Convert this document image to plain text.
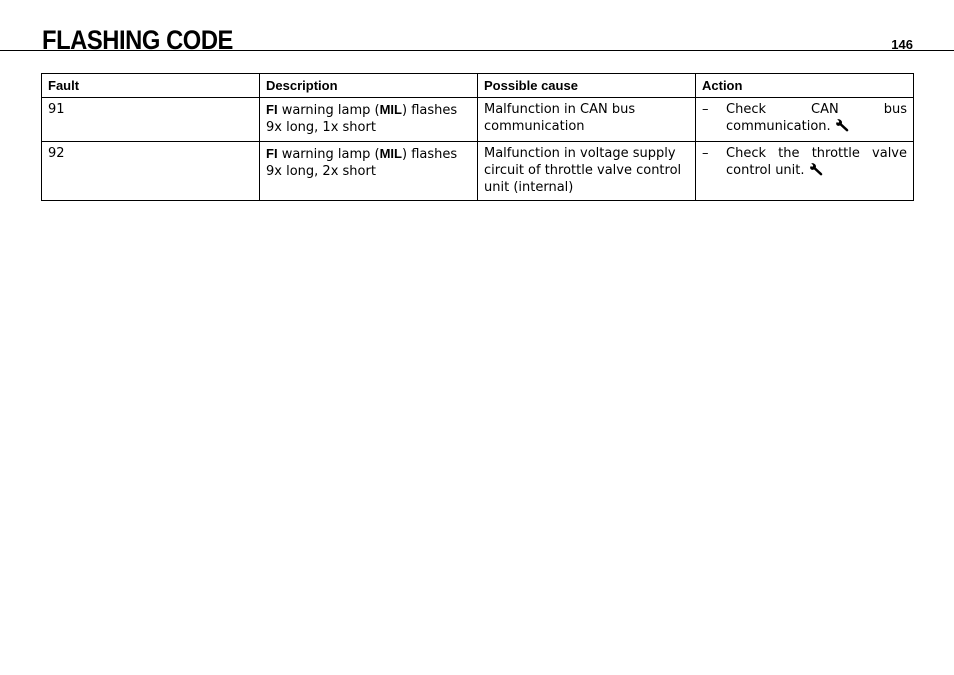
FLASHING CODE	146
Fault	Description	Possible cause	Action
91	FI warning lamp (MIL) flashes 9x long, 1x short	Malfunction in CAN bus communication	– Check CAN bus communication.

92	FI warning lamp (MIL) flashes 9x long, 2x short	Malfunction in voltage supply circuit of throttle valve control unit (internal)	– Check the throttle valve control unit.
